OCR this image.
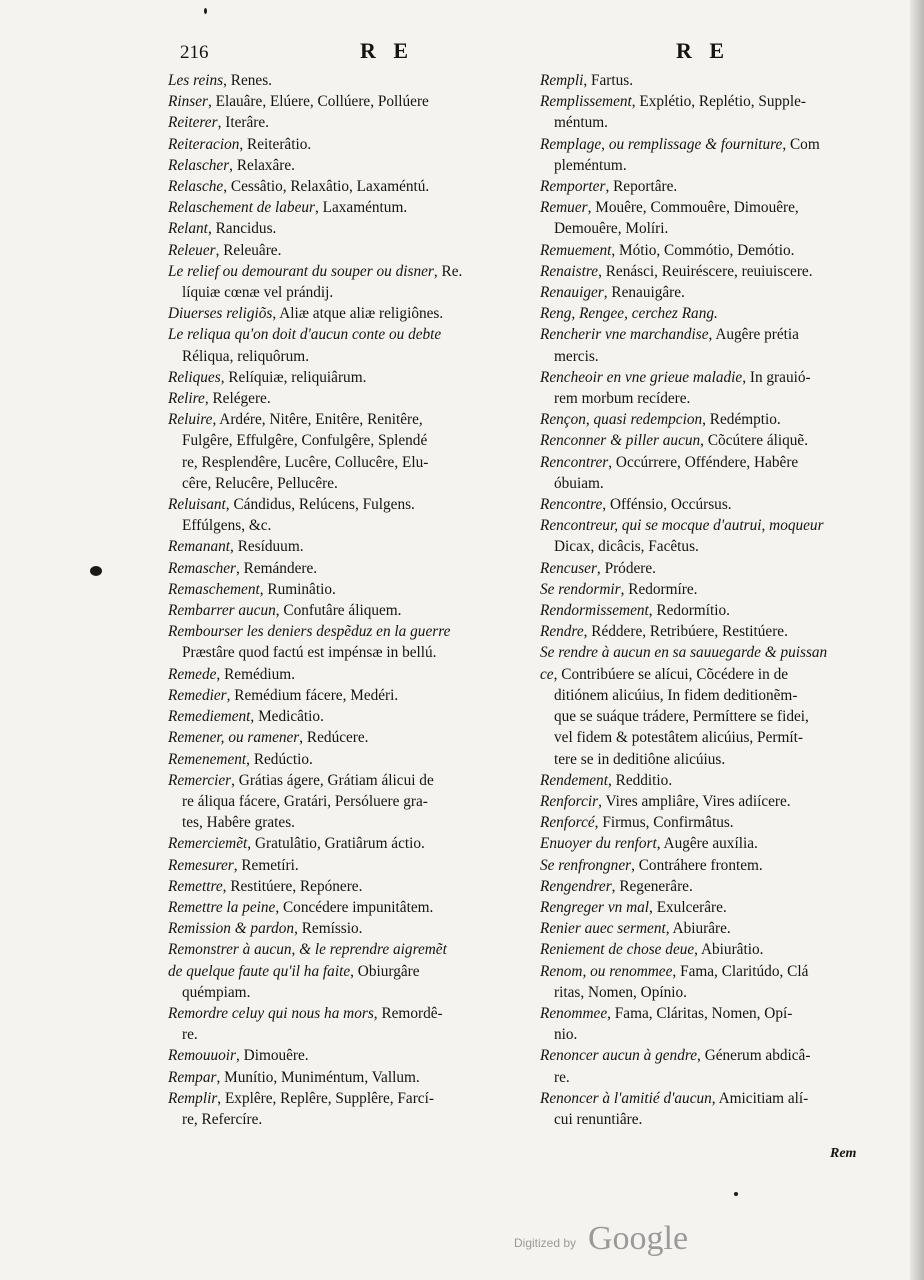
216	R E	R E
Les reins, Renes.
Rinser, Elauâre, Elúere, Collúere, Pollúere
Reiterer, Iterâre.
Reiteracion, Reiterâtio.
Relascher, Relaxâre.
Relasche, Cessâtio, Relaxâtio, Laxaméntú.
Relaschement de labeur, Laxaméntum.
Relant, Rancidus.
Releuer, Releuâre.
Le relief ou demourant du souper ou disner, Re.
líquiæ cœnæ vel prándij.
Diuerses religiõs, Aliæ atque aliæ religiônes.
Le reliqua qu'on doit d'aucun conte ou debte
Réliqua, reliquôrum.
Reliques, Relíquiæ, reliquiârum.
Relire, Relégere.
Reluire, Ardére, Nitêre, Enitêre, Renitêre,
Fulgêre, Effulgêre, Confulgêre, Splendé
re, Resplendêre, Lucêre, Collucêre, Elu-
cêre, Relucêre, Pellucêre.
Reluisant, Cándidus, Relúcens, Fulgens.
Effúlgens, &c.
Remanant, Resíduum.
Remascher, Remándere.
Remaschement, Ruminâtio.
Rembarrer aucun, Confutâre áliquem.
Rembourser les deniers despẽduz en la guerre
Præstâre quod factú est impénsæ in bellú.
Remede, Remédium.
Remedier, Remédium fácere, Medéri.
Remediement, Medicâtio.
Remener, ou ramener, Redúcere.
Remenement, Redúctio.
Remercier, Grátias ágere, Grátiam álicui de
re áliqua fácere, Gratári, Persóluere gra-
tes, Habêre grates.
Remerciemẽt, Gratulâtio, Gratiârum áctio.
Remesurer, Remetíri.
Remettre, Restitúere, Repónere.
Remettre la peine, Concédere impunitâtem.
Remission & pardon, Remíssio.
Remonstrer à aucun, & le reprendre aigremẽt
de quelque faute qu'il ha faite, Obiurgâre
quémpiam.
Remordre celuy qui nous ha mors, Remordê-
re.
Remouuoir, Dimouêre.
Rempar, Munítio, Muniméntum, Vallum.
Remplir, Explêre, Replêre, Supplêre, Farcí-
re, Refercíre.
Rempli, Fartus.
Remplissement, Explétio, Replétio, Supple-
méntum.
Remplage, ou remplissage & fourniture, Com
pleméntum.
Remporter, Reportâre.
Remuer, Mouêre, Commouêre, Dimouêre,
Demouêre, Molíri.
Remuement, Mótio, Commótio, Demótio.
Renaistre, Renásci, Reuiréscere, reuiuiscere.
Renauiger, Renauigâre.
Reng, Rengee, cerchez Rang.
Rencherir vne marchandise, Augêre prétia
mercis.
Rencheoir en vne grieue maladie, In grauió-
rem morbum recídere.
Rençon, quasi redempcion, Redémptio.
Renconner & piller aucun, Cõcútere áliquẽ.
Rencontrer, Occúrrere, Offéndere, Habêre
óbuiam.
Rencontre, Offénsio, Occúrsus.
Rencontreur, qui se mocque d'autrui, moqueur
Dicax, dicâcis, Facêtus.
Rencuser, Pródere.
Se rendormir, Redormíre.
Rendormissement, Redormítio.
Rendre, Réddere, Retribúere, Restitúere.
Se rendre à aucun en sa sauuegarde & puissan
ce, Contribúere se alícui, Cõcédere in de
ditiónem alicúius, In fidem deditionẽm-
que se suáque trádere, Permíttere se fidei,
vel fidem & potestâtem alicúius, Permít-
tere se in deditiône alicúius.
Rendement, Redditio.
Renforcir, Vires ampliâre, Vires adiícere.
Renforcé, Firmus, Confirmâtus.
Enuoyer du renfort, Augêre auxília.
Se renfrongner, Contráhere frontem.
Rengendrer, Regenerâre.
Rengreger vn mal, Exulcerâre.
Renier auec serment, Abiurâre.
Reniement de chose deue, Abiurâtio.
Renom, ou renommee, Fama, Claritúdo, Clá
ritas, Nomen, Opínio.
Renommee, Fama, Cláritas, Nomen, Opí-
nio.
Renoncer aucun à gendre, Génerum abdicâ-
re.
Renoncer à l'amitié d'aucun, Amicitiam alí-
cui renuntiâre.
Rem
Digitized by Google
